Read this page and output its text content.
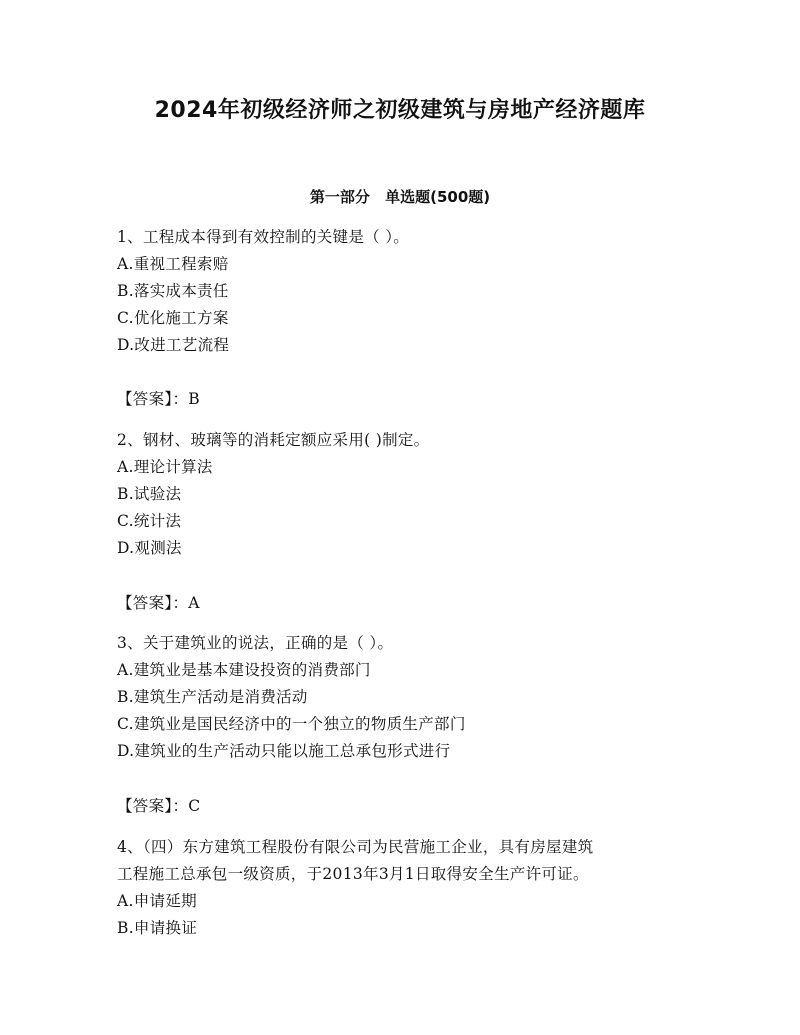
2024年初级经济师之初级建筑与房地产经济题库
第一部分 单选题(500题)
1、工程成本得到有效控制的关键是（ ）。
A.重视工程索赔
B.落实成本责任
C.优化施工方案
D.改进工艺流程
【答案】：B
2、钢材、玻璃等的消耗定额应采用( )制定。
A.理论计算法
B.试验法
C.统计法
D.观测法
【答案】：A
3、关于建筑业的说法，正确的是（ ）。
A.建筑业是基本建设投资的消费部门
B.建筑生产活动是消费活动
C.建筑业是国民经济中的一个独立的物质生产部门
D.建筑业的生产活动只能以施工总承包形式进行
【答案】：C
4、（四）东方建筑工程股份有限公司为民营施工企业，具有房屋建筑
工程施工总承包一级资质，于2013年3月1日取得安全生产许可证。
A.申请延期
B.申请换证
